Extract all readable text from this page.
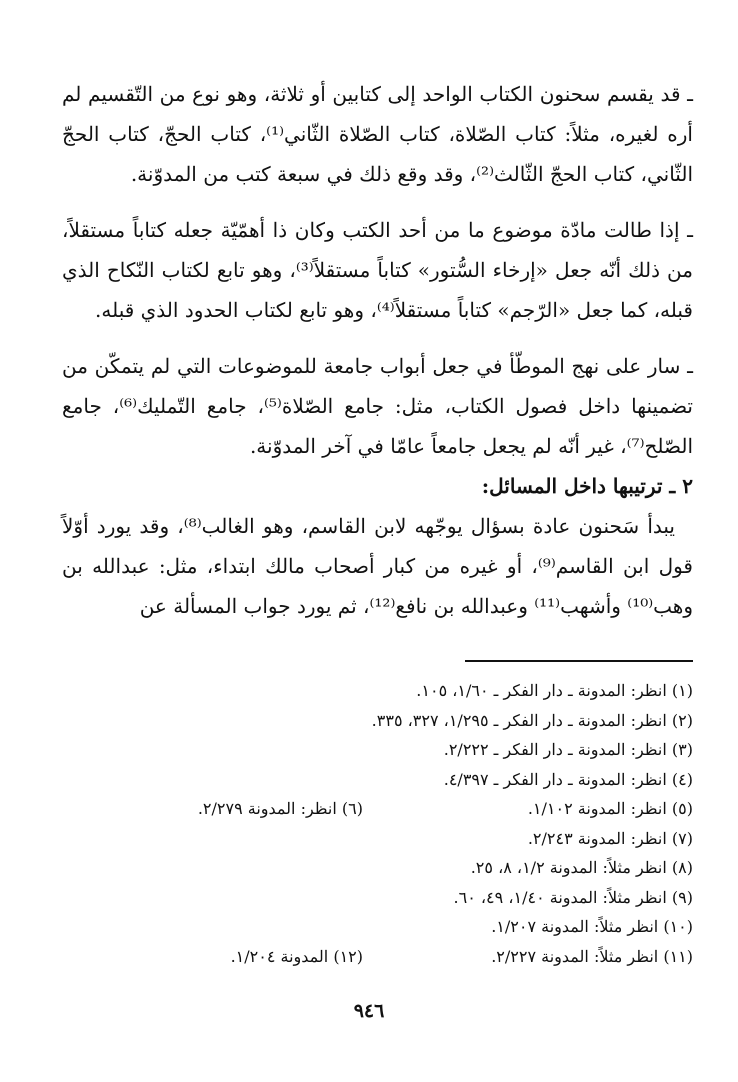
ـ قد يقسم سحنون الكتاب الواحد إلى كتابين أو ثلاثة، وهو نوع من التّقسيم لم أره لغيره، مثلاً: كتاب الصّلاة، كتاب الصّلاة الثّاني⁽¹⁾، كتاب الحجّ، كتاب الحجّ الثّاني، كتاب الحجّ الثّالث⁽²⁾، وقد وقع ذلك في سبعة كتب من المدوّنة.

ـ إذا طالت مادّة موضوع ما من أحد الكتب وكان ذا أهمّيّة جعله كتاباً مستقلاً، من ذلك أنّه جعل «إرخاء السُّتور» كتاباً مستقلاً⁽³⁾، وهو تابع لكتاب النّكاح الذي قبله، كما جعل «الرّجم» كتاباً مستقلاً⁽⁴⁾، وهو تابع لكتاب الحدود الذي قبله.

ـ سار على نهج الموطّأ في جعل أبواب جامعة للموضوعات التي لم يتمكّن من تضمينها داخل فصول الكتاب، مثل: جامع الصّلاة⁽⁵⁾، جامع التّمليك⁽⁶⁾، جامع الصّلح⁽⁷⁾، غير أنّه لم يجعل جامعاً عامّا في آخر المدوّنة.

٢ ـ ترتيبها داخل المسائل:

يبدأ سَحنون عادة بسؤال يوجّهه لابن القاسم، وهو الغالب⁽⁸⁾، وقد يورد أوّلاً قول ابن القاسم⁽⁹⁾، أو غيره من كبار أصحاب مالك ابتداء، مثل: عبدالله بن وهب⁽¹⁰⁾ وأشهب⁽¹¹⁾ وعبدالله بن نافع⁽¹²⁾، ثم يورد جواب المسألة عن

(١) انظر: المدونة ـ دار الفكر ـ ١/٦٠، ١٠٥.
(٢) انظر: المدونة ـ دار الفكر ـ ١/٢٩٥، ٣٢٧، ٣٣٥.
(٣) انظر: المدونة ـ دار الفكر ـ ٢/٢٢٢.
(٤) انظر: المدونة ـ دار الفكر ـ ٤/٣٩٧.
(٥) انظر: المدونة ١/١٠٢.
(٦) انظر: المدونة ٢/٢٧٩.
(٧) انظر: المدونة ٢/٢٤٣.
(٨) انظر مثلاً: المدونة ١/٢، ٨، ٢٥.
(٩) انظر مثلاً: المدونة ١/٤٠، ٤٩، ٦٠.
(١٠) انظر مثلاً: المدونة ١/٢٠٧.
(١١) انظر مثلاً: المدونة ٢/٢٢٧.
(١٢) المدونة ١/٢٠٤.
٩٤٦
